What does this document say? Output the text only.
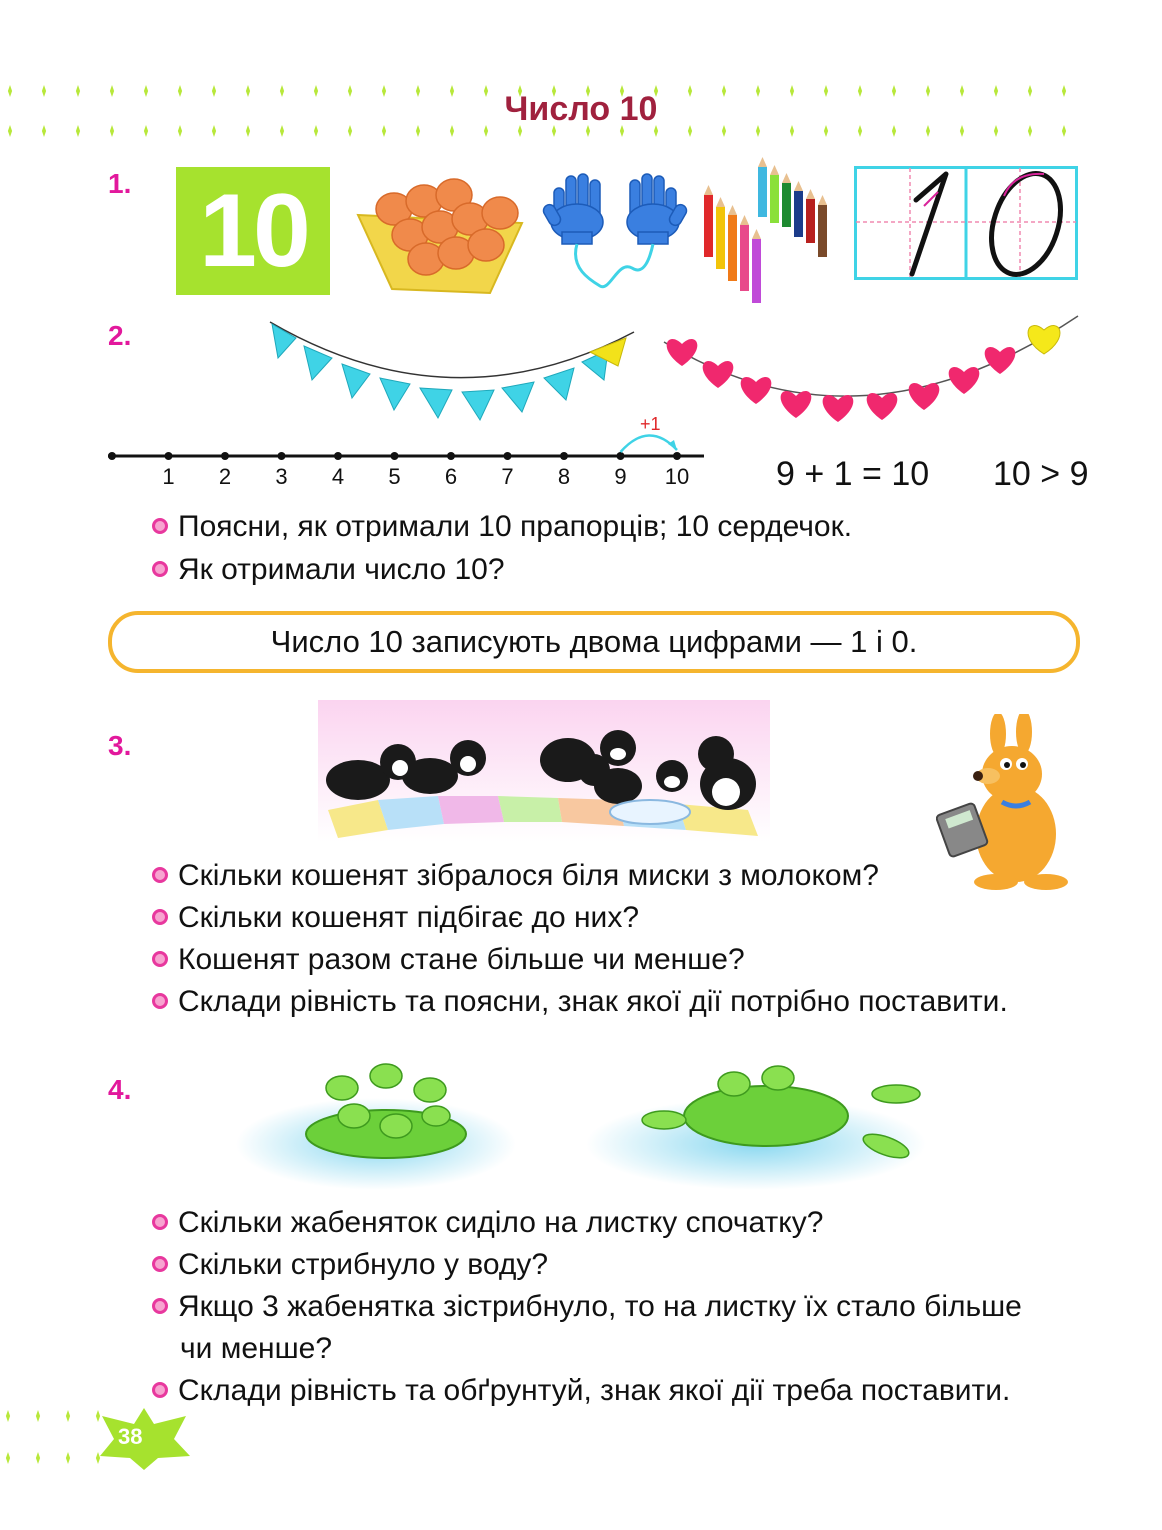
Число 10
1. 10
2.
+1
1	2	3	4	5	6	7	8	9	10	9 + 1 = 10 10 > 9
Поясни, як отримали 10 прапорців; 10 сердечок.
Як отримали число 10?
Число 10 записують двома цифрами — 1 і 0.
3.
Скільки кошенят зібралося біля миски з молоком?
Скільки кошенят підбігає до них?
Кошенят разом стане більше чи менше?
Склади рівність та поясни, знак якої дії потрібно поставити.
4.
Скільки жабеняток сиділо на листку спочатку?
Скільки стрибнуло у воду?
Якщо 3 жабенятка зістрибнуло, то на листку їх стало більше
чи менше?
Склади рівність та обґрунтуй, знак якої дії треба поставити.
38
